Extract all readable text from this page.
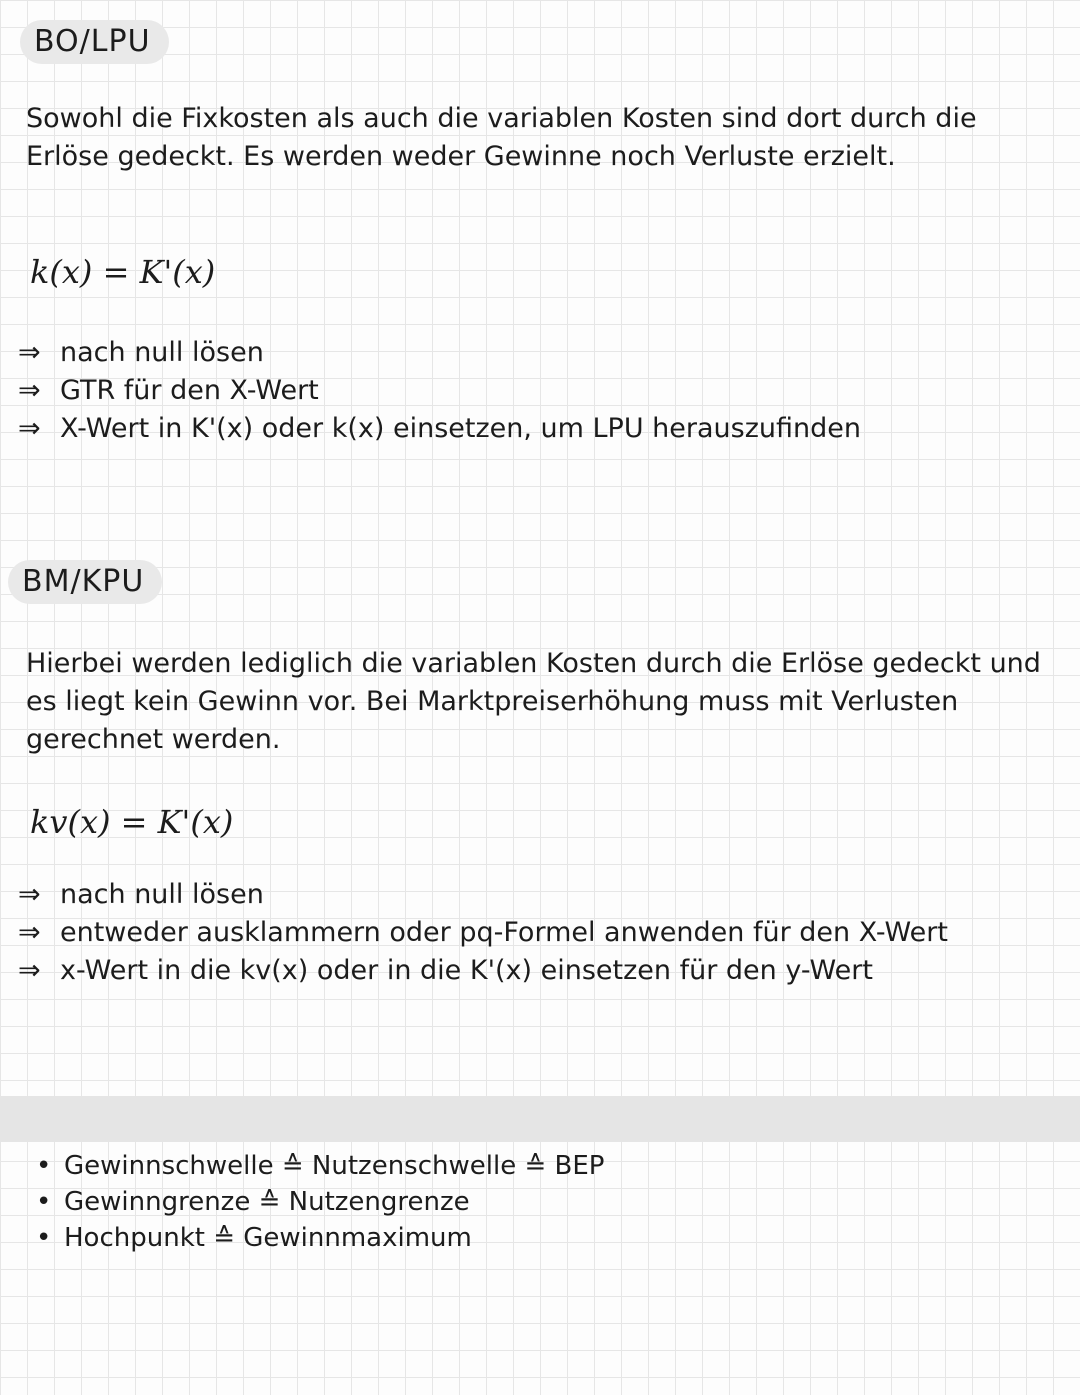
BO/LPU

Sowohl die Fixkosten als auch die variablen Kosten sind dort durch die Erlöse gedeckt. Es werden weder Gewinne noch Verluste erzielt.

k(x) = K'(x)
⇒ nach null lösen
⇒ GTR für den X-Wert
⇒ X-Wert in K'(x) oder k(x) einsetzen, um LPU herauszufinden
BM/KPU

Hierbei werden lediglich die variablen Kosten durch die Erlöse gedeckt und es liegt kein Gewinn vor. Bei Marktpreiserhöhung muss mit Verlusten gerechnet werden.

kv(x) = K'(x)
⇒ nach null lösen
⇒ entweder ausklammern oder pq-Formel anwenden für den X-Wert
⇒ x-Wert in die kv(x) oder in die K'(x) einsetzen für den y-Wert
• Gewinnschwelle ≙ Nutzenschwelle ≙ BEP
• Gewinngrenze ≙ Nutzengrenze
• Hochpunkt ≙ Gewinnmaximum
